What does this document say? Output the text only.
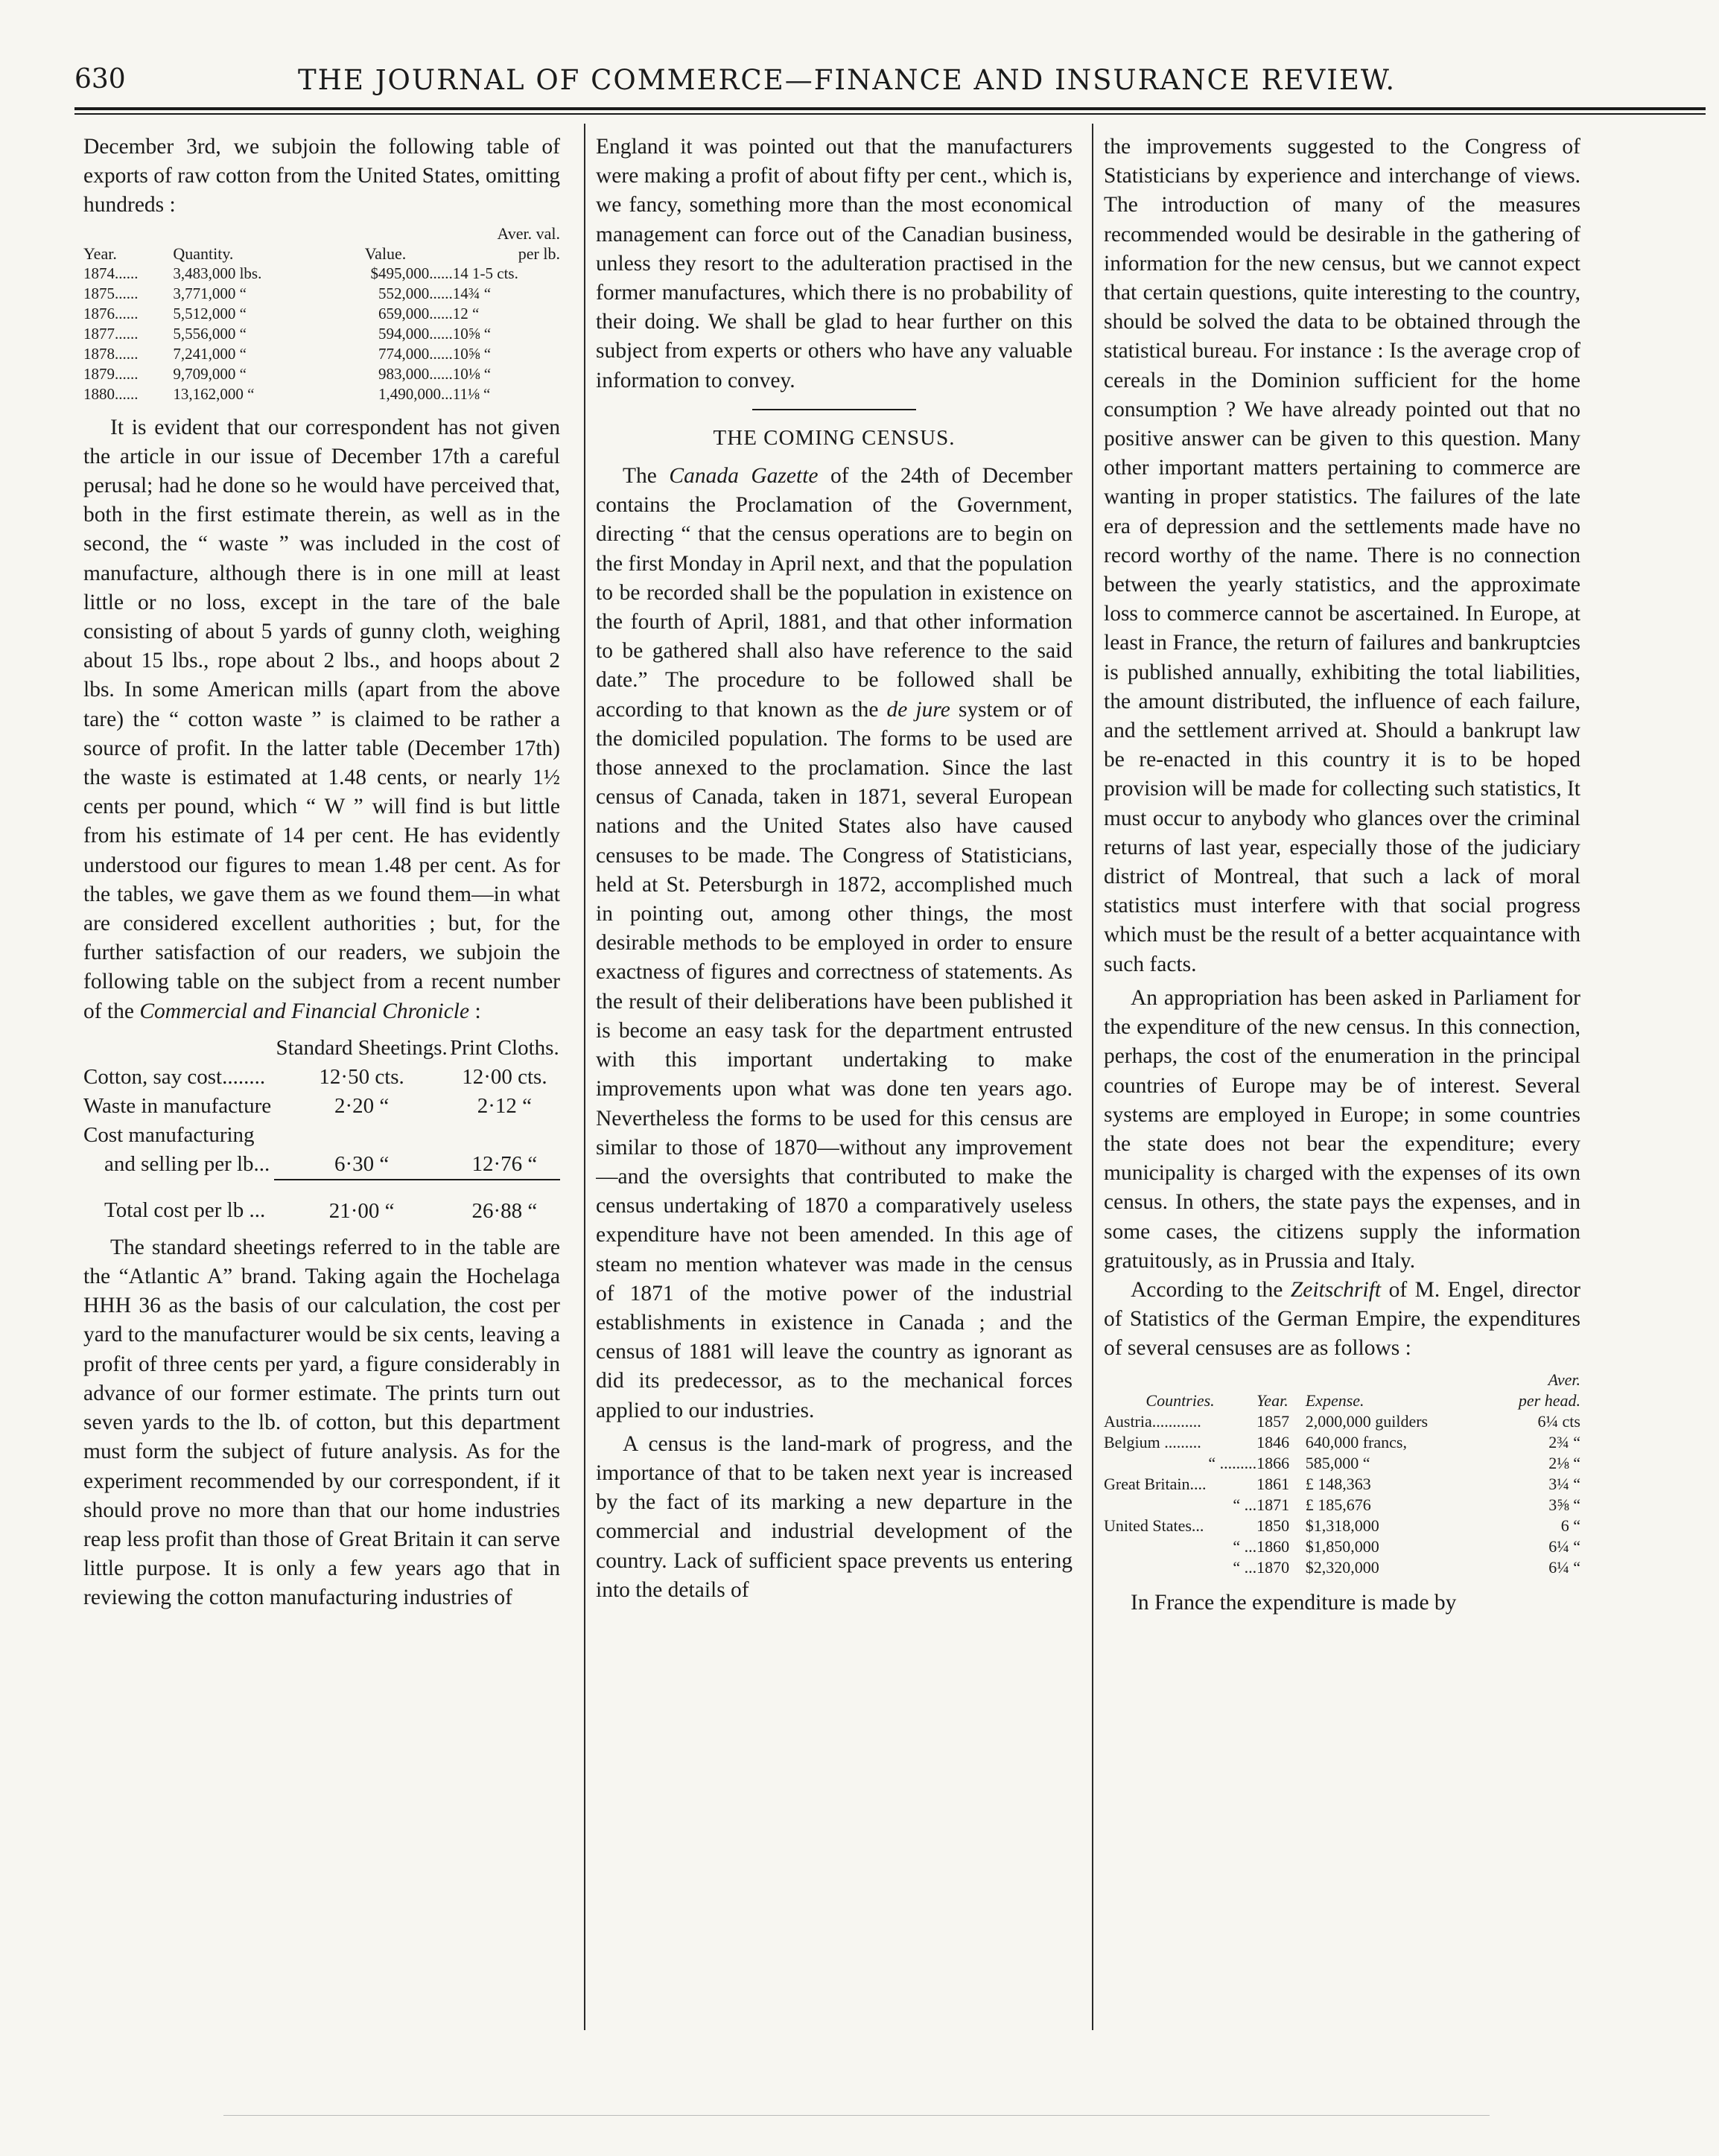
630	THE JOURNAL OF COMMERCE—FINANCE AND INSURANCE REVIEW.

December 3rd, we subjoin the following table of exports of raw cotton from the United States, omitting hundreds :

			Aver. val.
Year.	Quantity.	Value.	per lb.
1874......	3,483,000 lbs.	$495,000......	14 1-5 cts.
1875......	3,771,000 “	552,000......	14¾ “
1876......	5,512,000 “	659,000......	12 “
1877......	5,556,000 “	594,000......	10⅝ “
1878......	7,241,000 “	774,000......	10⅝ “
1879......	9,709,000 “	983,000......	10⅛ “
1880......	13,162,000 “	1,490,000...	11⅛ “

It is evident that our correspondent has not given the article in our issue of December 17th a careful perusal; had he done so he would have perceived that, both in the first estimate therein, as well as in the second, the “ waste ” was included in the cost of manufacture, although there is in one mill at least little or no loss, except in the tare of the bale consisting of about 5 yards of gunny cloth, weighing about 15 lbs., rope about 2 lbs., and hoops about 2 lbs. In some American mills (apart from the above tare) the “ cotton waste ” is claimed to be rather a source of profit. In the latter table (December 17th) the waste is estimated at 1.48 cents, or nearly 1½ cents per pound, which “ W ” will find is but little from his estimate of 14 per cent. He has evidently understood our figures to mean 1.48 per cent. As for the tables, we gave them as we found them—in what are considered excellent authorities ; but, for the further satisfaction of our readers, we subjoin the following table on the subject from a recent number of the Commercial and Financial Chronicle :

	Standard Sheetings.	Print Cloths.
Cotton, say cost........	12·50 cts.	12·00 cts.
Waste in manufacture	2·20 “	2·12 “
Cost manufacturing		
and selling per lb...	6·30 “	12·76 “
Total cost per lb ...	21·00 “	26·88 “

The standard sheetings referred to in the table are the “Atlantic A” brand. Taking again the Hochelaga HHH 36 as the basis of our calculation, the cost per yard to the manufacturer would be six cents, leaving a profit of three cents per yard, a figure considerably in advance of our former estimate. The prints turn out seven yards to the lb. of cotton, but this department must form the subject of future analysis. As for the experiment recommended by our correspondent, if it should prove no more than that our home industries reap less profit than those of Great Britain it can serve little purpose. It is only a few years ago that in reviewing the cotton manufacturing industries of

England it was pointed out that the manufacturers were making a profit of about fifty per cent., which is, we fancy, something more than the most economical management can force out of the Canadian business, unless they resort to the adulteration practised in the former manufactures, which there is no probability of their doing. We shall be glad to hear further on this subject from experts or others who have any valuable information to convey.

THE COMING CENSUS.

The Canada Gazette of the 24th of December contains the Proclamation of the Government, directing “ that the census operations are to begin on the first Monday in April next, and that the population to be recorded shall be the population in existence on the fourth of April, 1881, and that other information to be gathered shall also have reference to the said date.” The procedure to be followed shall be according to that known as the de jure system or of the domiciled population. The forms to be used are those annexed to the proclamation. Since the last census of Canada, taken in 1871, several European nations and the United States also have caused censuses to be made. The Congress of Statisticians, held at St. Petersburgh in 1872, accomplished much in pointing out, among other things, the most desirable methods to be employed in order to ensure exactness of figures and correctness of statements. As the result of their deliberations have been published it is become an easy task for the department entrusted with this important undertaking to make improvements upon what was done ten years ago. Nevertheless the forms to be used for this census are similar to those of 1870—without any improvement—and the oversights that contributed to make the census undertaking of 1870 a comparatively useless expenditure have not been amended. In this age of steam no mention whatever was made in the census of 1871 of the motive power of the industrial establishments in existence in Canada ; and the census of 1881 will leave the country as ignorant as did its predecessor, as to the mechanical forces applied to our industries.

A census is the land-mark of progress, and the importance of that to be taken next year is increased by the fact of its marking a new departure in the commercial and industrial development of the country. Lack of sufficient space prevents us entering into the details of

the improvements suggested to the Congress of Statisticians by experience and interchange of views. The introduction of many of the measures recommended would be desirable in the gathering of information for the new census, but we cannot expect that certain questions, quite interesting to the country, should be solved the data to be obtained through the statistical bureau. For instance : Is the average crop of cereals in the Dominion sufficient for the home consumption ? We have already pointed out that no positive answer can be given to this question. Many other important matters pertaining to commerce are wanting in proper statistics. The failures of the late era of depression and the settlements made have no record worthy of the name. There is no connection between the yearly statistics, and the approximate loss to commerce cannot be ascertained. In Europe, at least in France, the return of failures and bankruptcies is published annually, exhibiting the total liabilities, the amount distributed, the influence of each failure, and the settlement arrived at. Should a bankrupt law be re-enacted in this country it is to be hoped provision will be made for collecting such statistics, It must occur to anybody who glances over the criminal returns of last year, especially those of the judiciary district of Montreal, that such a lack of moral statistics must interfere with that social progress which must be the result of a better acquaintance with such facts.

An appropriation has been asked in Parliament for the expenditure of the new census. In this connection, perhaps, the cost of the enumeration in the principal countries of Europe may be of interest. Several systems are employed in Europe; in some countries the state does not bear the expenditure; every municipality is charged with the expenses of its own census. In others, the state pays the expenses, and in some cases, the citizens supply the information gratuitously, as in Prussia and Italy.

According to the Zeitschrift of M. Engel, director of Statistics of the German Empire, the expenditures of several censuses are as follows :

			Aver.
Countries.	Year.	Expense.	per head.
Austria............	1857	2,000,000 guilders	6¼ cts
Belgium .........	1846	640,000 francs,	2¾ “
“ .........	1866	585,000 “	2⅛ “
Great Britain....	1861	£ 148,363	3¼ “
“ ...	1871	£ 185,676	3⅝ “
United States...	1850	$1,318,000	6 “
“ ...	1860	$1,850,000	6¼ “
“ ...	1870	$2,320,000	6¼ “

In France the expenditure is made by
